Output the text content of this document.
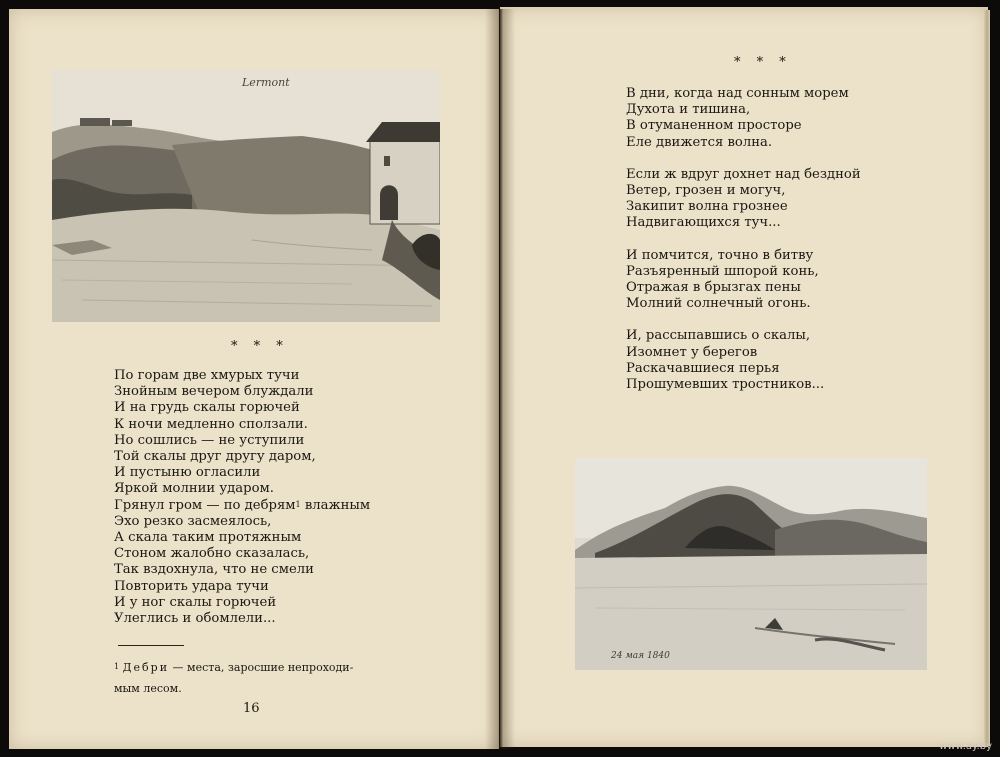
Lermont
* * *
По горам две хмурых тучи
Знойным вечером блуждали
И на грудь скалы горючей
К ночи медленно сползали.
Но сошлись — не уступили
Той скалы друг другу даром,
И пустыню огласили
Яркой молнии ударом.
Грянул гром — по дебрям$^1$ влажным
Эхо резко засмеялось,
А скала таким протяжным
Стоном жалобно сказалась,
Так вздохнула, что не смели
Повторить удара тучи
И у ног скалы горючей
Улеглись и обомлели...
$^1$ Дебри — места, заросшие непроходи-
мым лесом.
16
* * *
В дни, когда над сонным морем
Духота и тишина,
В отуманенном просторе
Еле движется волна.
Если ж вдруг дохнет над бездной
Ветер, грозен и могуч,
Закипит волна грознее
Надвигающихся туч...
И помчится, точно в битву
Разъяренный шпорой конь,
Отражая в брызгах пены
Молний солнечный огонь.
И, рассыпавшись о скалы,
Изомнет у берегов
Раскачавшиеся перья
Прошумевших тростников...
24 мая 1840
www.ay.by
